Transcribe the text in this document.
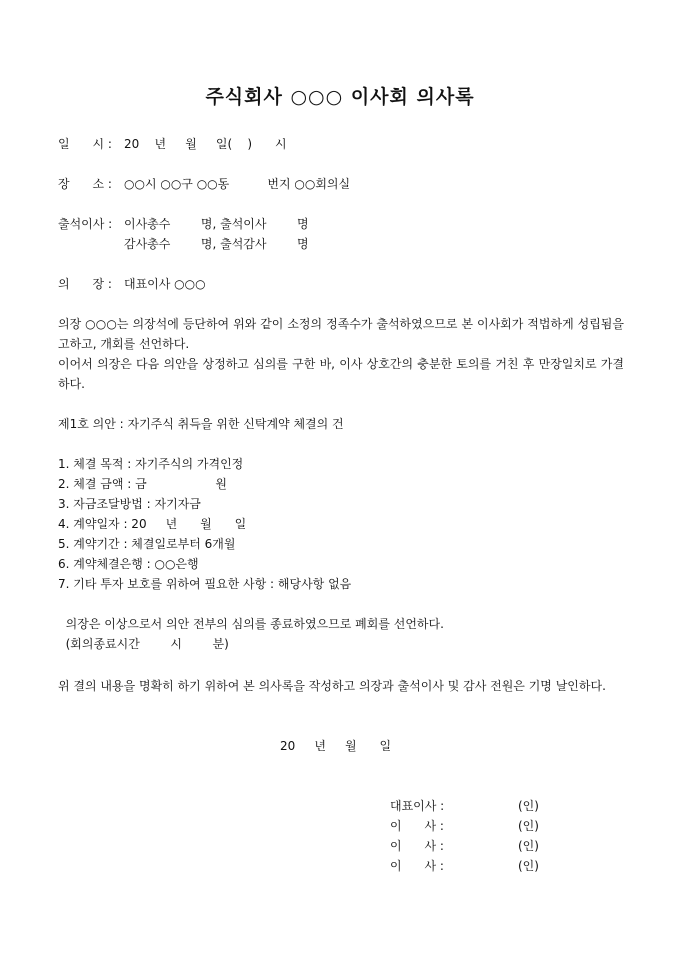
주식회사 ○○○ 이사회 의사록
일      시 : 20    년     월     일(    )      시
장      소 : ○○시 ○○구 ○○동          번지 ○○회의실
출석이사 : 이사총수        명, 출석이사        명
감사총수        명, 출석감사        명
의      장 : 대표이사 ○○○
의장 ○○○는 의장석에 등단하여 위와 같이 소정의 정족수가 출석하였으므로 본 이사회가 적법하게 성립됨을 고하고, 개회를 선언하다.
이어서 의장은 다음 의안을 상정하고 심의를 구한 바, 이사 상호간의 충분한 토의를 거친 후 만장일치로 가결하다.
제1호 의안 : 자기주식 취득을 위한 신탁계약 체결의 건
1. 체결 목적 : 자기주식의 가격인정
2. 체결 금액 : 금                  원
3. 자금조달방법 : 자기자금
4. 계약일자 : 20     년      월      일
5. 계약기간 : 체결일로부터 6개월
6. 계약체결은행 : ○○은행
7. 기타 투자 보호를 위하여 필요한 사항 : 해당사항 없음
의장은 이상으로서 의안 전부의 심의를 종료하였으므로 폐회를 선언하다.
(회의종료시간        시        분)
위 결의 내용을 명확히 하기 위하여 본 의사록을 작성하고 의장과 출석이사 및 감사 전원은 기명 날인하다.
20     년     월      일
대표이사 :	(인)
이      사 :	(인)
이      사 :	(인)
이      사 :	(인)
